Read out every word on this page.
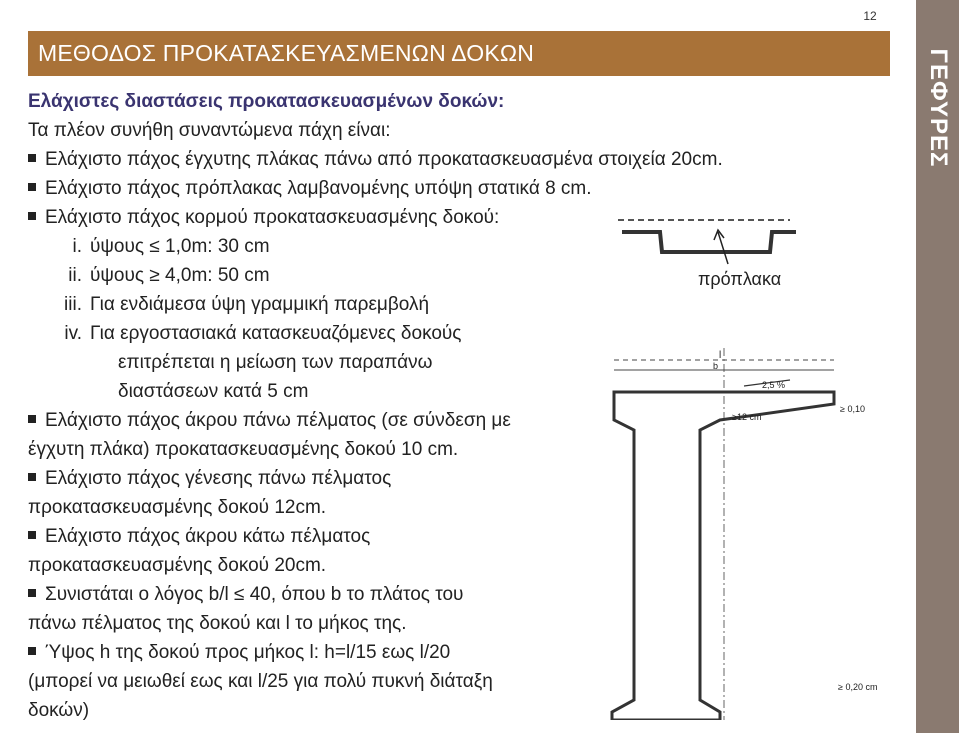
12
ΜΕΘΟΔΟΣ ΠΡΟΚΑΤΑΣΚΕΥΑΣΜΕΝΩΝ ΔΟΚΩΝ	ΓΕΦΥΡΕΣ
Ελάχιστες διαστάσεις προκατασκευασμένων δοκών:
Τα πλέον συνήθη συναντώμενα πάχη είναι:
Ελάχιστο πάχος έγχυτης πλάκας πάνω από προκατασκευασμένα στοιχεία 20cm.
Ελάχιστο πάχος πρόπλακας λαμβανομένης υπόψη στατικά 8 cm.
Ελάχιστο πάχος κορμού προκατασκευασμένης δοκού:
i. ύψους ≤ 1,0m: 30 cm
ii. ύψους ≥ 4,0m: 50 cm
iii. Για ενδιάμεσα ύψη γραμμική παρεμβολή
iv. Για εργοστασιακά κατασκευαζόμενες δοκούς
επιτρέπεται η μείωση των παραπάνω
διαστάσεων κατά 5 cm
Ελάχιστο πάχος άκρου πάνω πέλματος (σε σύνδεση με
έγχυτη πλάκα) προκατασκευασμένης δοκού 10 cm.
Ελάχιστο πάχος γένεσης πάνω πέλματος
προκατασκευασμένης δοκού 12cm.
Ελάχιστο πάχος άκρου κάτω πέλματος
προκατασκευασμένης δοκού 20cm.
Συνιστάται ο λόγος b/l ≤ 40, όπου b το πλάτος του
πάνω πέλματος της δοκού και l το μήκος της.
Ύψος h της δοκού προς μήκος l: h=l/15 εως l/20
(μπορεί να μειωθεί εως και l/25 για πολύ πυκνή διάταξη
δοκών)
πρόπλακα
l
b
2,5 %
≥12 cm
≥ 0,10
≥ 0,20 cm
